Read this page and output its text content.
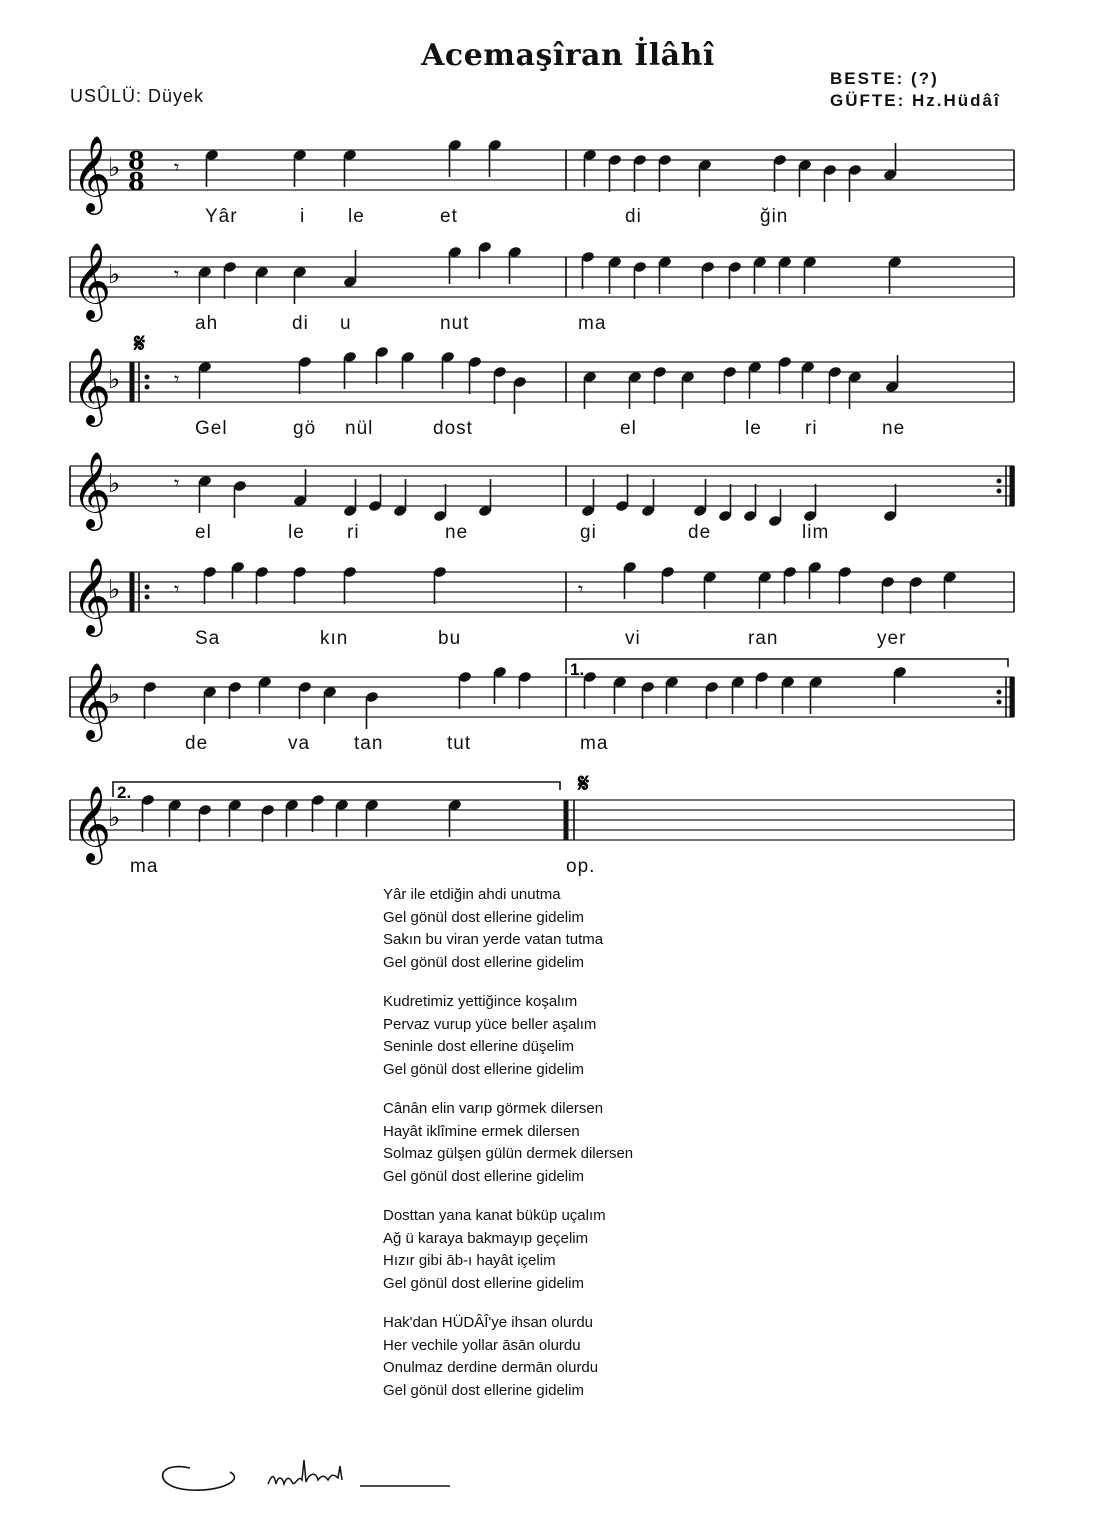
Acemaşîran İlâhî
USÛLÜ: Düyek
BESTE: (?)
GÜFTE: Hz.Hüdâî
𝄞
♭ 8
8 𝄾
Yâr	i le	et	di	ğin
𝄞
♭	𝄾
ah	di u	nut	ma
𝄞
♭
𝄋
𝄾
Gel	gö nül	dost	el	le ri	ne
𝄞
♭	𝄾
el	le ri	ne	gi	de	lim
𝄞
♭	𝄾	𝄾
Sa	kın	bu	vi	ran	yer
𝄞
♭
de	va tan	tut	ma
1.
𝄞
♭
𝄋
ma	op.
2.
Yâr ile etdiğin ahdi unutma
Gel gönül dost ellerine gidelim
Sakın bu viran yerde vatan tutma
Gel gönül dost ellerine gidelim
Kudretimiz yettiğince koşalım
Pervaz vurup yüce beller aşalım
Seninle dost ellerine düşelim
Gel gönül dost ellerine gidelim
Cânân elin varıp görmek dilersen
Hayât iklîmine ermek dilersen
Solmaz gülşen gülün dermek dilersen
Gel gönül dost ellerine gidelim
Dosttan yana kanat büküp uçalım
Ağ ü karaya bakmayıp geçelim
Hızır gibi āb-ı hayât içelim
Gel gönül dost ellerine gidelim
Hak'dan HÜDÂÎ'ye ihsan olurdu
Her vechile yollar āsān olurdu
Onulmaz derdine dermān olurdu
Gel gönül dost ellerine gidelim
